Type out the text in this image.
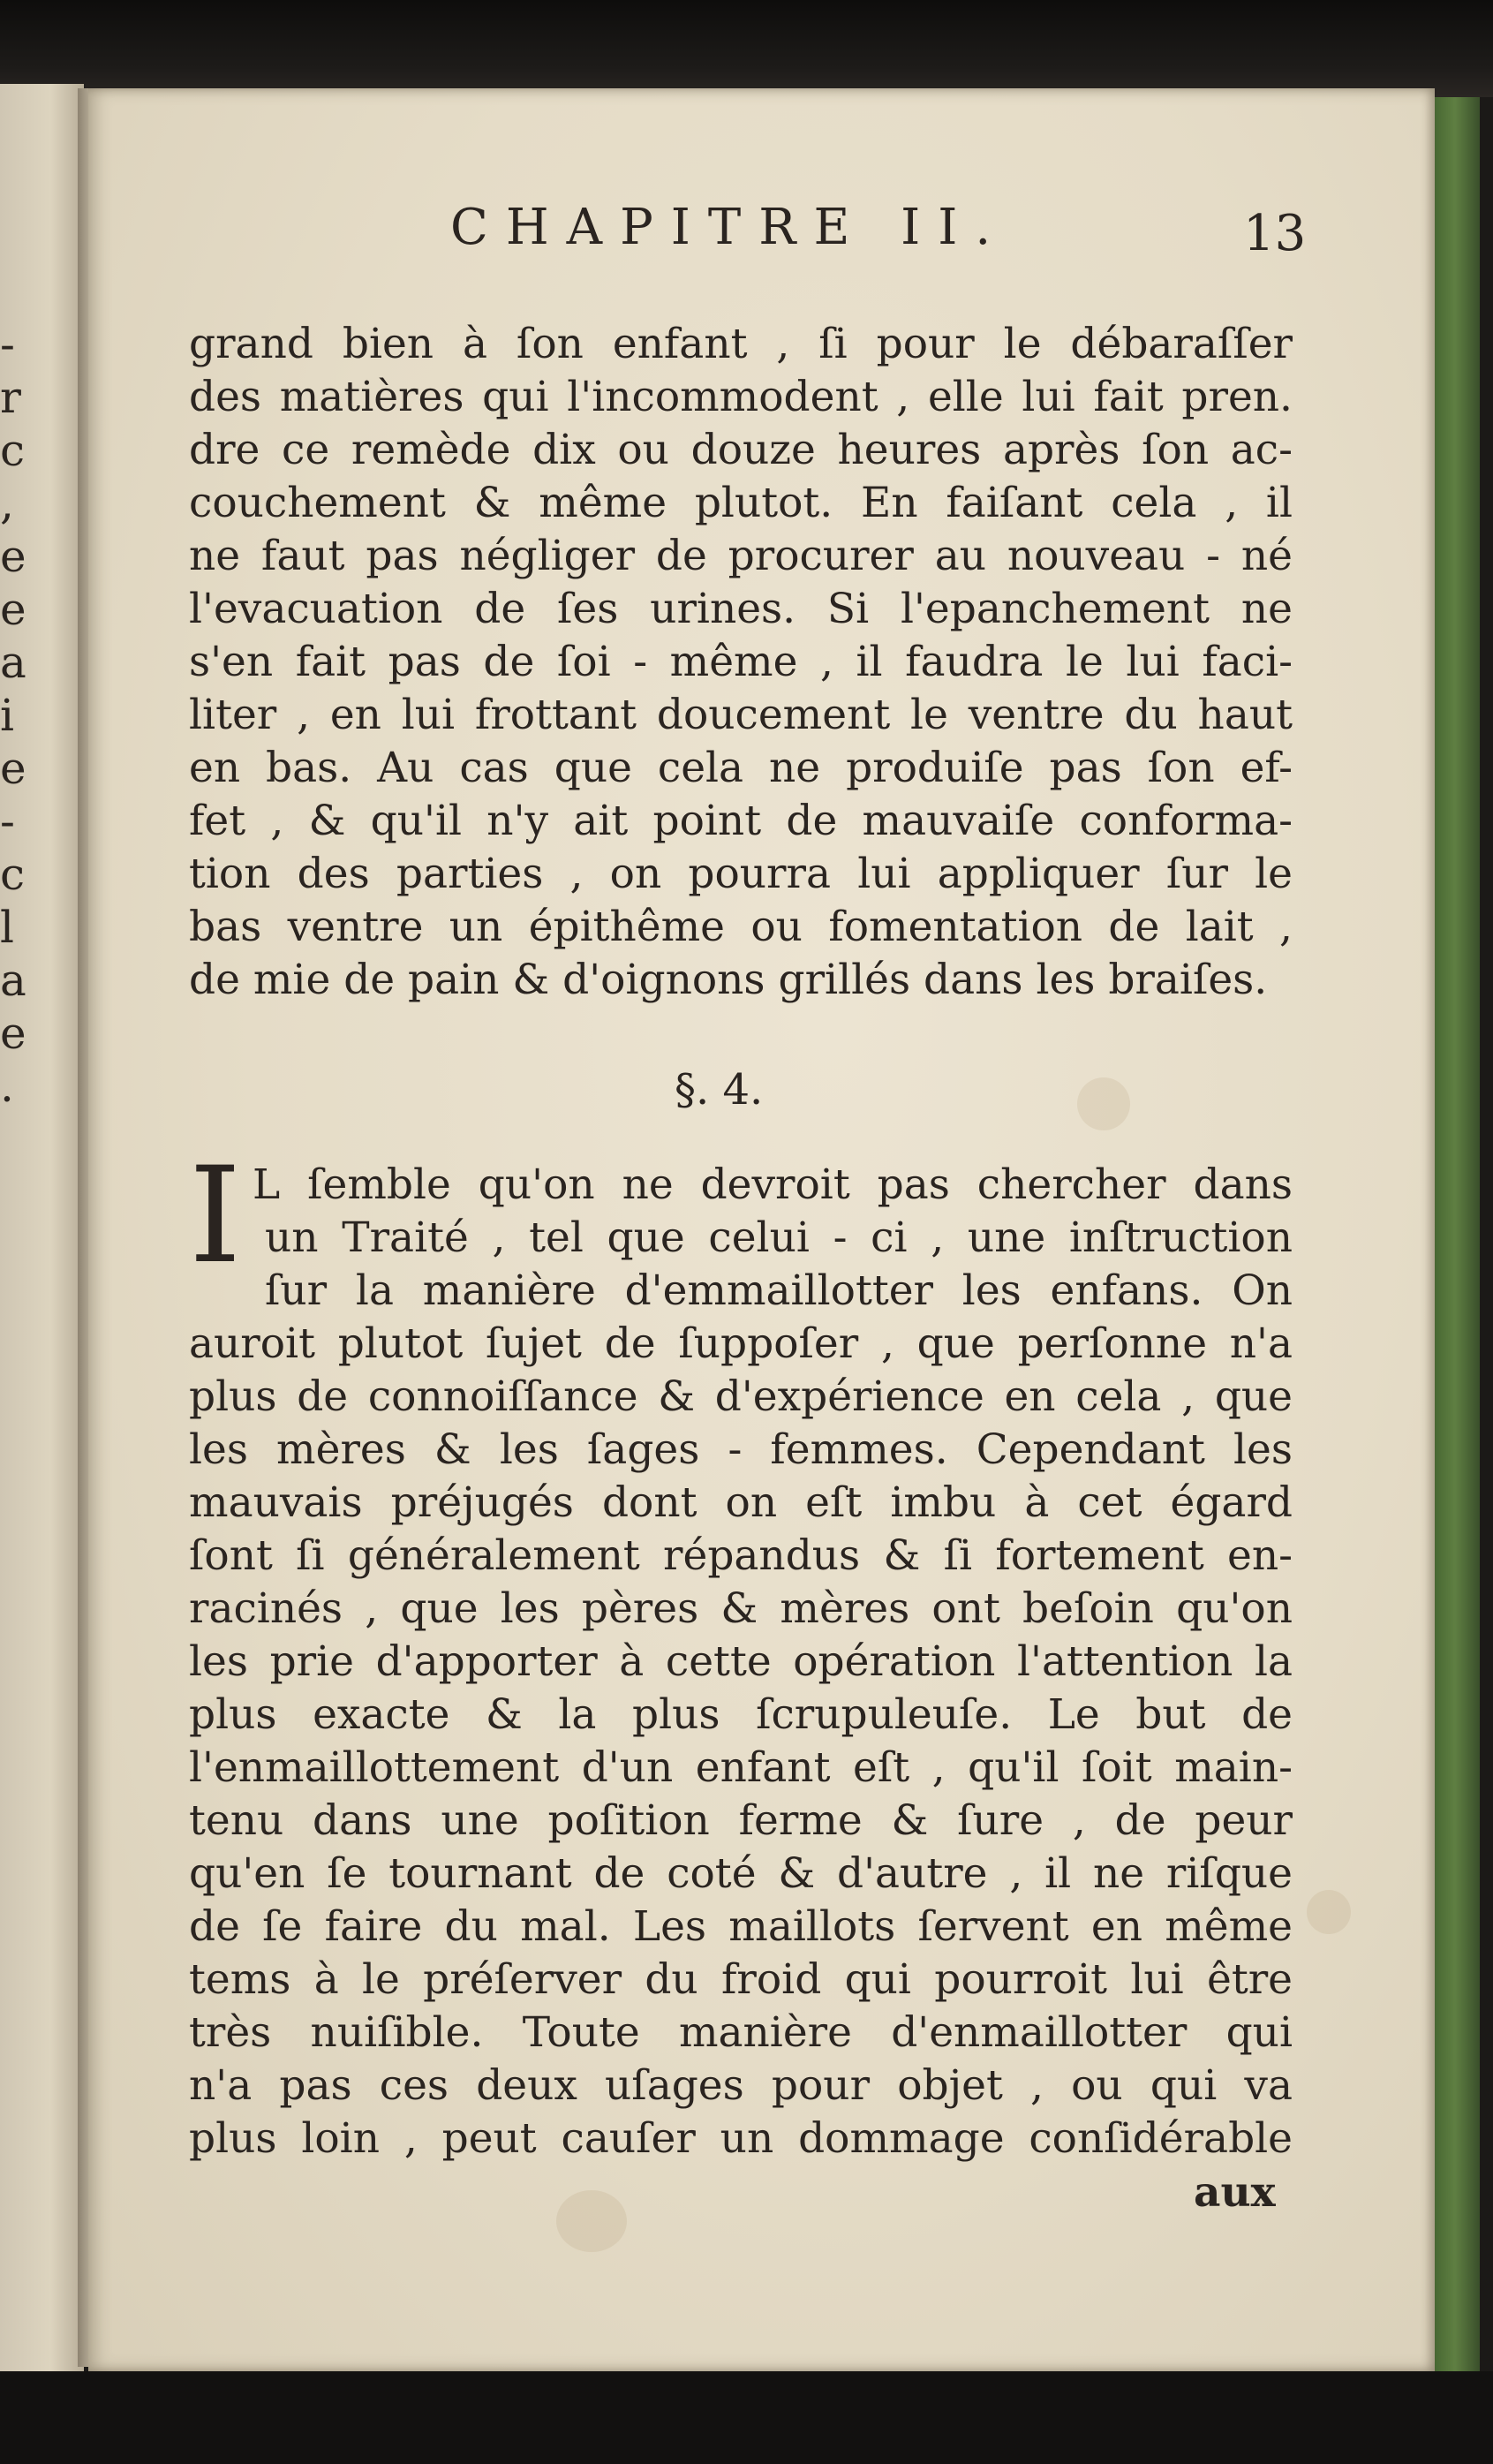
-
r
c
,
e
e
a
i
e
-
c
l
a
e
.
CHAPITRE II.	13
grand bien à ſon enfant , ſi pour le débaraſſer
des matières qui l'incommodent , elle lui fait pren.
dre ce remède dix ou douze heures après ſon ac-
couchement & même plutot. En faiſant cela , il
ne faut pas négliger de procurer au nouveau - né
l'evacuation de ſes urines. Si l'epanchement ne
s'en fait pas de ſoi - même , il faudra le lui faci-
liter , en lui frottant doucement le ventre du haut
en bas. Au cas que cela ne produiſe pas ſon ef-
fet , & qu'il n'y ait point de mauvaiſe conforma-
tion des parties , on pourra lui appliquer ſur le
bas ventre un épithême ou fomentation de lait ,
de mie de pain & d'oignons grillés dans les braiſes.
§. 4.
I L ſemble qu'on ne devroit pas chercher dans
un Traité , tel que celui - ci , une inſtruction
ſur la manière d'emmaillotter les enfans. On
auroit plutot ſujet de ſuppoſer , que perſonne n'a
plus de connoiſſance & d'expérience en cela , que
les mères & les ſages - femmes. Cependant les
mauvais préjugés dont on eſt imbu à cet égard
ſont ſi généralement répandus & ſi fortement en-
racinés , que les pères & mères ont beſoin qu'on
les prie d'apporter à cette opération l'attention la
plus exacte & la plus ſcrupuleuſe. Le but de
l'enmaillottement d'un enfant eſt , qu'il ſoit main-
tenu dans une poſition ferme & ſure , de peur
qu'en ſe tournant de coté & d'autre , il ne riſque
de ſe faire du mal. Les maillots ſervent en même
tems à le préſerver du froid qui pourroit lui être
très nuiſible. Toute manière d'enmaillotter qui
n'a pas ces deux uſages pour objet , ou qui va
plus loin , peut cauſer un dommage conſidérable
aux
